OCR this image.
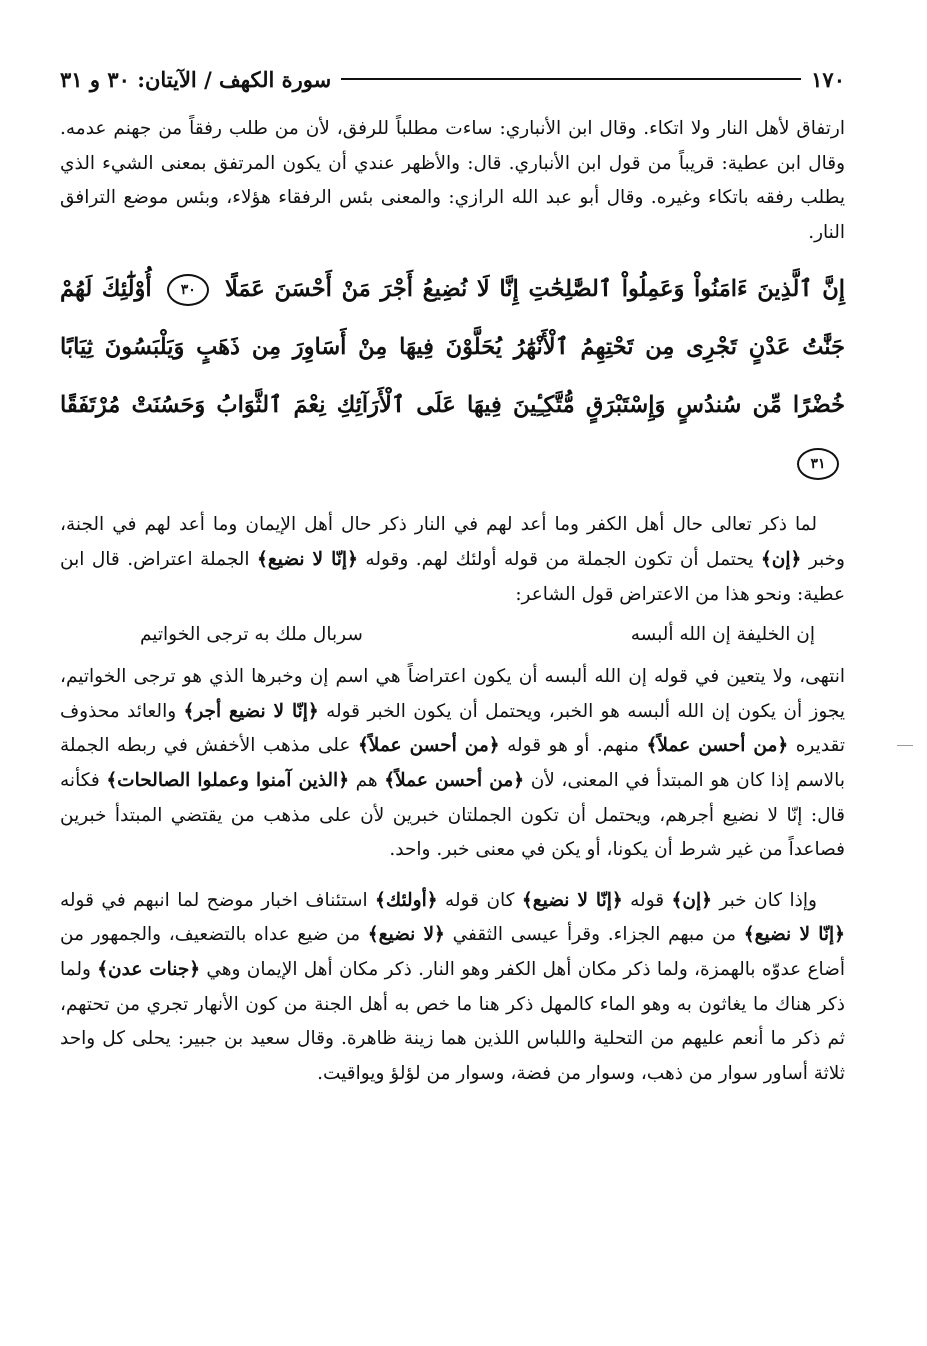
١٧٠
سورة الكهف / الآيتان: ٣٠ و ٣١

ارتفاق لأهل النار ولا اتكاء. وقال ابن الأنباري: ساءت مطلباً للرفق، لأن من طلب رفقاً من جهنم عدمه. وقال ابن عطية: قريباً من قول ابن الأنباري. قال: والأظهر عندي أن يكون المرتفق بمعنى الشيء الذي يطلب رفقه باتكاء وغيره. وقال أبو عبد الله الرازي: والمعنى بئس الرفقاء هؤلاء، وبئس موضع الترافق النار.

إِنَّ ٱلَّذِينَ ءَامَنُواْ وَعَمِلُواْ ٱلصَّٰلِحَٰتِ إِنَّا لَا نُضِيعُ أَجْرَ مَنْ أَحْسَنَ عَمَلًا ٣٠ أُوْلَٰٓئِكَ لَهُمْ جَنَّٰتُ عَدْنٍ تَجْرِى مِن تَحْتِهِمُ ٱلْأَنْهَٰرُ يُحَلَّوْنَ فِيهَا مِنْ أَسَاوِرَ مِن ذَهَبٍ وَيَلْبَسُونَ ثِيَابًا خُضْرًا مِّن سُندُسٍ وَإِسْتَبْرَقٍ مُّتَّكِـِٔينَ فِيهَا عَلَى ٱلْأَرَآئِكِ نِعْمَ ٱلثَّوَابُ وَحَسُنَتْ مُرْتَفَقًا ٣١

لما ذكر تعالى حال أهل الكفر وما أعد لهم في النار ذكر حال أهل الإيمان وما أعد لهم في الجنة، وخبر ﴿إن﴾ يحتمل أن تكون الجملة من قوله أولئك لهم. وقوله ﴿إنّا لا نضيع﴾ الجملة اعتراض. قال ابن عطية: ونحو هذا من الاعتراض قول الشاعر:

إن الخليفة إن الله ألبسه
سربال ملك به ترجى الخواتيم

انتهى، ولا يتعين في قوله إن الله ألبسه أن يكون اعتراضاً هي اسم إن وخبرها الذي هو ترجى الخواتيم، يجوز أن يكون إن الله ألبسه هو الخبر، ويحتمل أن يكون الخبر قوله ﴿إنّا لا نضيع أجر﴾ والعائد محذوف تقديره ﴿من أحسن عملاً﴾ منهم. أو هو قوله ﴿من أحسن عملاً﴾ على مذهب الأخفش في ربطه الجملة بالاسم إذا كان هو المبتدأ في المعنى، لأن ﴿من أحسن عملاً﴾ هم ﴿الذين آمنوا وعملوا الصالحات﴾ فكأنه قال: إنّا لا نضيع أجرهم، ويحتمل أن تكون الجملتان خبرين لأن على مذهب من يقتضي المبتدأ خبرين فصاعداً من غير شرط أن يكونا، أو يكن في معنى خبر. واحد.

وإذا كان خبر ﴿إن﴾ قوله ﴿إنّا لا نضيع﴾ كان قوله ﴿أولئك﴾ استئناف اخبار موضح لما انبهم في قوله ﴿إنّا لا نضيع﴾ من مبهم الجزاء. وقرأ عيسى الثقفي ﴿لا نضيع﴾ من ضيع عداه بالتضعيف، والجمهور من أضاع عدوّه بالهمزة، ولما ذكر مكان أهل الكفر وهو النار. ذكر مكان أهل الإيمان وهي ﴿جنات عدن﴾ ولما ذكر هناك ما يغاثون به وهو الماء كالمهل ذكر هنا ما خص به أهل الجنة من كون الأنهار تجري من تحتهم، ثم ذكر ما أنعم عليهم من التحلية واللباس اللذين هما زينة ظاهرة. وقال سعيد بن جبير: يحلى كل واحد ثلاثة أساور سوار من ذهب، وسوار من فضة، وسوار من لؤلؤ ويواقيت.
